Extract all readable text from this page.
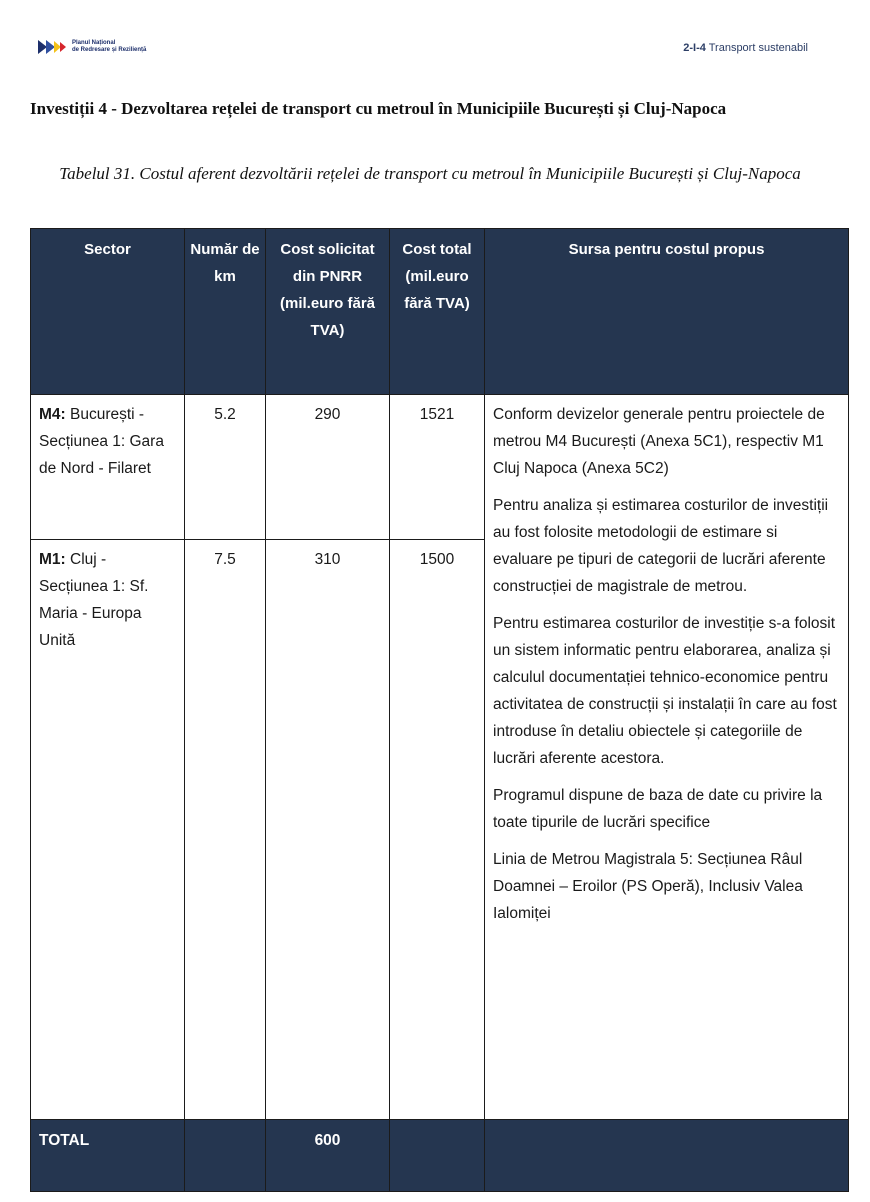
Planul Național
de Redresare și Reziliență	2-I-4 Transport sustenabil
Investiții 4 - Dezvoltarea rețelei de transport cu metroul în Municipiile București și Cluj-Napoca
Tabelul 31. Costul aferent dezvoltării rețelei de transport cu metroul în Municipiile București și Cluj-Napoca
Sector	Număr de km	Cost solicitat din PNRR (mil.euro fără TVA)	Cost total (mil.euro fără TVA)	Sursa pentru costul propus
M4: București - Secțiunea 1: Gara de Nord - Filaret	5.2	290	1521	Conform devizelor generale pentru proiectele de metrou M4 București (Anexa 5C1), respectiv M1 Cluj Napoca (Anexa 5C2)

Pentru analiza și estimarea costurilor de investiții au fost folosite metodologii de estimare si evaluare pe tipuri de categorii de lucrări aferente construcției de magistrale de metrou.

Pentru estimarea costurilor de investiție s-a folosit un sistem informatic pentru elaborarea, analiza și calculul documentației tehnico-economice pentru activitatea de construcții și instalații în care au fost introduse în detaliu obiectele și categoriile de lucrări aferente acestora.

Programul dispune de baza de date cu privire la toate tipurile de lucrări specifice

Linia de Metrou Magistrala 5: Secțiunea Râul Doamnei – Eroilor (PS Operă), Inclusiv Valea Ialomiței

M1: Cluj - Secțiunea 1: Sf. Maria - Europa Unită	7.5	310	1500	
TOTAL		600		
